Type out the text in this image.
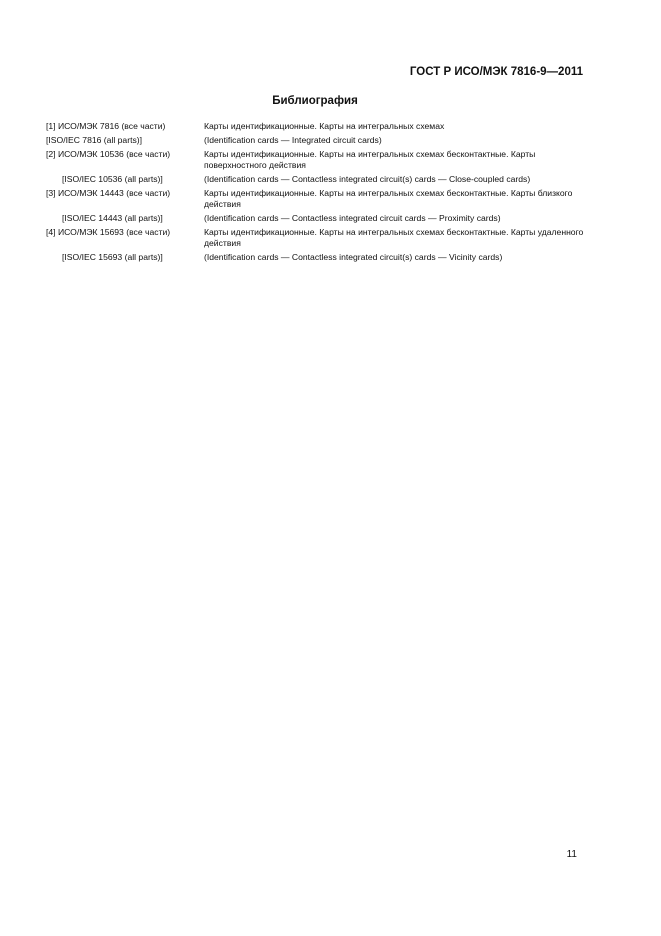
ГОСТ Р ИСО/МЭК 7816-9—2011
Библиография
[1] ИСО/МЭК 7816 (все части)	Карты идентификационные. Карты на интегральных схемах
[ISO/IEC 7816 (all parts)]	(Identification cards — Integrated circuit cards)
[2] ИСО/МЭК 10536 (все части)	Карты идентификационные. Карты на интегральных схемах бесконтактные. Карты поверхностного действия
[ISO/IEC 10536 (all parts)]	(Identification cards — Contactless integrated circuit(s) cards — Close-coupled cards)
[3] ИСО/МЭК 14443 (все части)	Карты идентификационные. Карты на интегральных схемах бесконтактные. Карты близкого действия
[ISO/IEC 14443 (all parts)]	(Identification cards — Contactless integrated circuit cards — Proximity cards)
[4] ИСО/МЭК 15693 (все части)	Карты идентификационные. Карты на интегральных схемах бесконтактные. Карты удаленного действия
[ISO/IEC 15693 (all parts)]	(Identification cards — Contactless integrated circuit(s) cards — Vicinity cards)
11
